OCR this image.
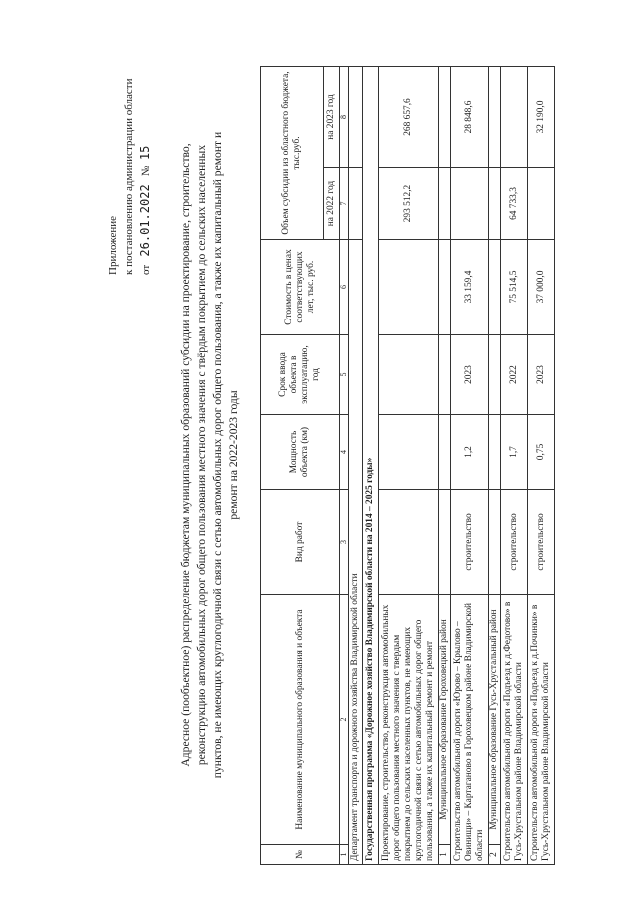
Приложение к постановлению администрации области от   26.01.2022   №  15 Адресное (пообъектное) распределение бюджетам муниципальных образований субсидии на проектирование, строительство, реконструкцию автомобильных дорог общего пользования местного значения с твёрдым покрытием до сельских населенных пунктов, не имеющих круглогодичной связи с сетью автомобильных дорог общего пользования, а также их капитальный ремонт и ремонт на 2022-2023 годы
№	Наименование муниципального образования и объекта	Вид работ	Мощность объекта (км)	Срок ввода объекта в эксплуатацию, год	Стоимость в ценах соответствующих лет, тыс. руб.	Объем субсидии из областного бюджета, тыс.руб.	
						на 2022 год	на 2023 год
1	2	3	4	5	6	7	8
Департамент транспорта и дорожного хозяйства Владимирской области							
Государственная программа «Дорожное хозяйство Владимирской области на 2014 – 2025 годы»							
Проектирование, строительство, реконструкция автомобильных дорог общего пользования местного значения с твердым покрытием до сельских населенных пунктов, не имеющих круглогодичной связи с сетью автомобильных дорог общего пользования, а также их капитальный ремонт и ремонт						293 512,2	268 657,6
1	Муниципальное образование Гороховецкий район						
Строительство автомобильной дороги «Юрово – Крылово – Овинищи» – Картаганово в Гороховецком районе Владимирской области		строительство	1,2	2023	33 159,4		28 848,6
2	Муниципальное образование Гусь-Хрустальный район						
Строительство автомобильной дороги «Подъезд к д.Федотово» в Гусь-Хрустальном районе Владимирской области		строительство	1,7	2022	75 514,5	64 733,3	
Строительство автомобильной дороги «Подъезд к д.Починки» в Гусь-Хрустальном районе Владимирской области		строительство	0,75	2023	37 000,0		32 190,0
